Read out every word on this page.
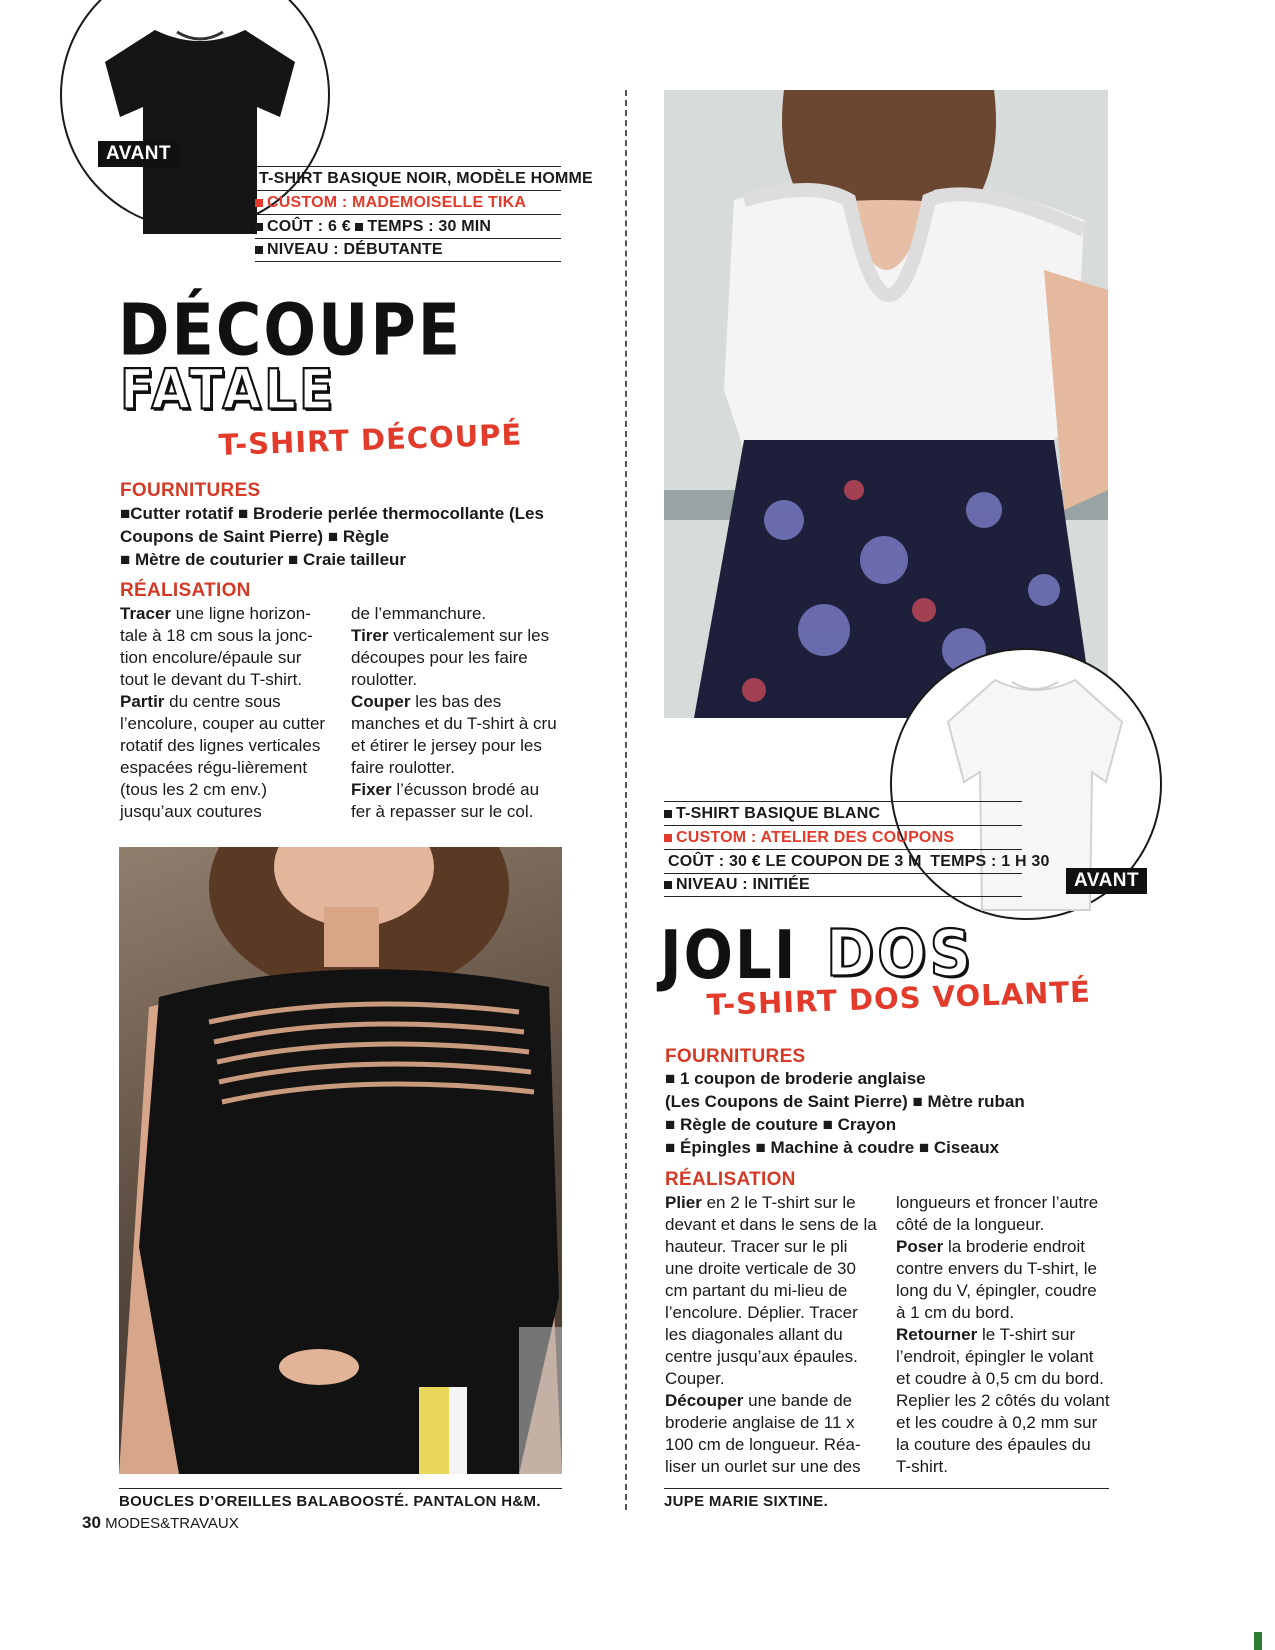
AVANT
T-SHIRT BASIQUE NOIR, MODÈLE HOMME
CUSTOM : MADEMOISELLE TIKA
COÛT : 6 €
TEMPS : 30 MIN
NIVEAU : DÉBUTANTE
DÉCOUPE
FATALE
T-SHIRT DÉCOUPÉ
FOURNITURES
■Cutter rotatif ■ Broderie perlée thermocollante (Les Coupons de Saint Pierre) ■ Règle
■ Mètre de couturier ■ Craie tailleur
RÉALISATION

Tracer une ligne horizon-tale à 18 cm sous la jonc-tion encolure/épaule sur tout le devant du T-shirt.

Partir du centre sous l’encolure, couper au cutter rotatif des lignes verticales espacées régu-lièrement (tous les 2 cm env.) jusqu’aux coutures

de l’emmanchure.

Tirer verticalement sur les découpes pour les faire roulotter.

Couper les bas des manches et du T-shirt à cru et étirer le jersey pour les faire roulotter.

Fixer l’écusson brodé au fer à repasser sur le col.

BOUCLES D’OREILLES BALABOOSTÉ. PANTALON H&M.
30 MODES&TRAVAUX
AVANT
T-SHIRT BASIQUE BLANC
CUSTOM : ATELIER DES COUPONS
COÛT : 30 € LE COUPON DE 3 M
TEMPS : 1 H 30
NIVEAU : INITIÉE
JOLI DOS
T-SHIRT DOS VOLANTÉ
FOURNITURES
■ 1 coupon de broderie anglaise
(Les Coupons de Saint Pierre) ■ Mètre ruban
■ Règle de couture ■ Crayon
■ Épingles ■ Machine à coudre ■ Ciseaux
RÉALISATION

Plier en 2 le T-shirt sur le devant et dans le sens de la hauteur. Tracer sur le pli une droite verticale de 30 cm partant du mi-lieu de l’encolure. Déplier. Tracer les diagonales allant du centre jusqu’aux épaules. Couper.

Découper une bande de broderie anglaise de 11 x 100 cm de longueur. Réa-liser un ourlet sur une des

longueurs et froncer l’autre côté de la longueur.

Poser la broderie endroit contre envers du T-shirt, le long du V, épingler, coudre à 1 cm du bord.

Retourner le T-shirt sur l’endroit, épingler le volant et coudre à 0,5 cm du bord. Replier les 2 côtés du volant et les coudre à 0,2 mm sur la couture des épaules du T-shirt.

JUPE MARIE SIXTINE.
